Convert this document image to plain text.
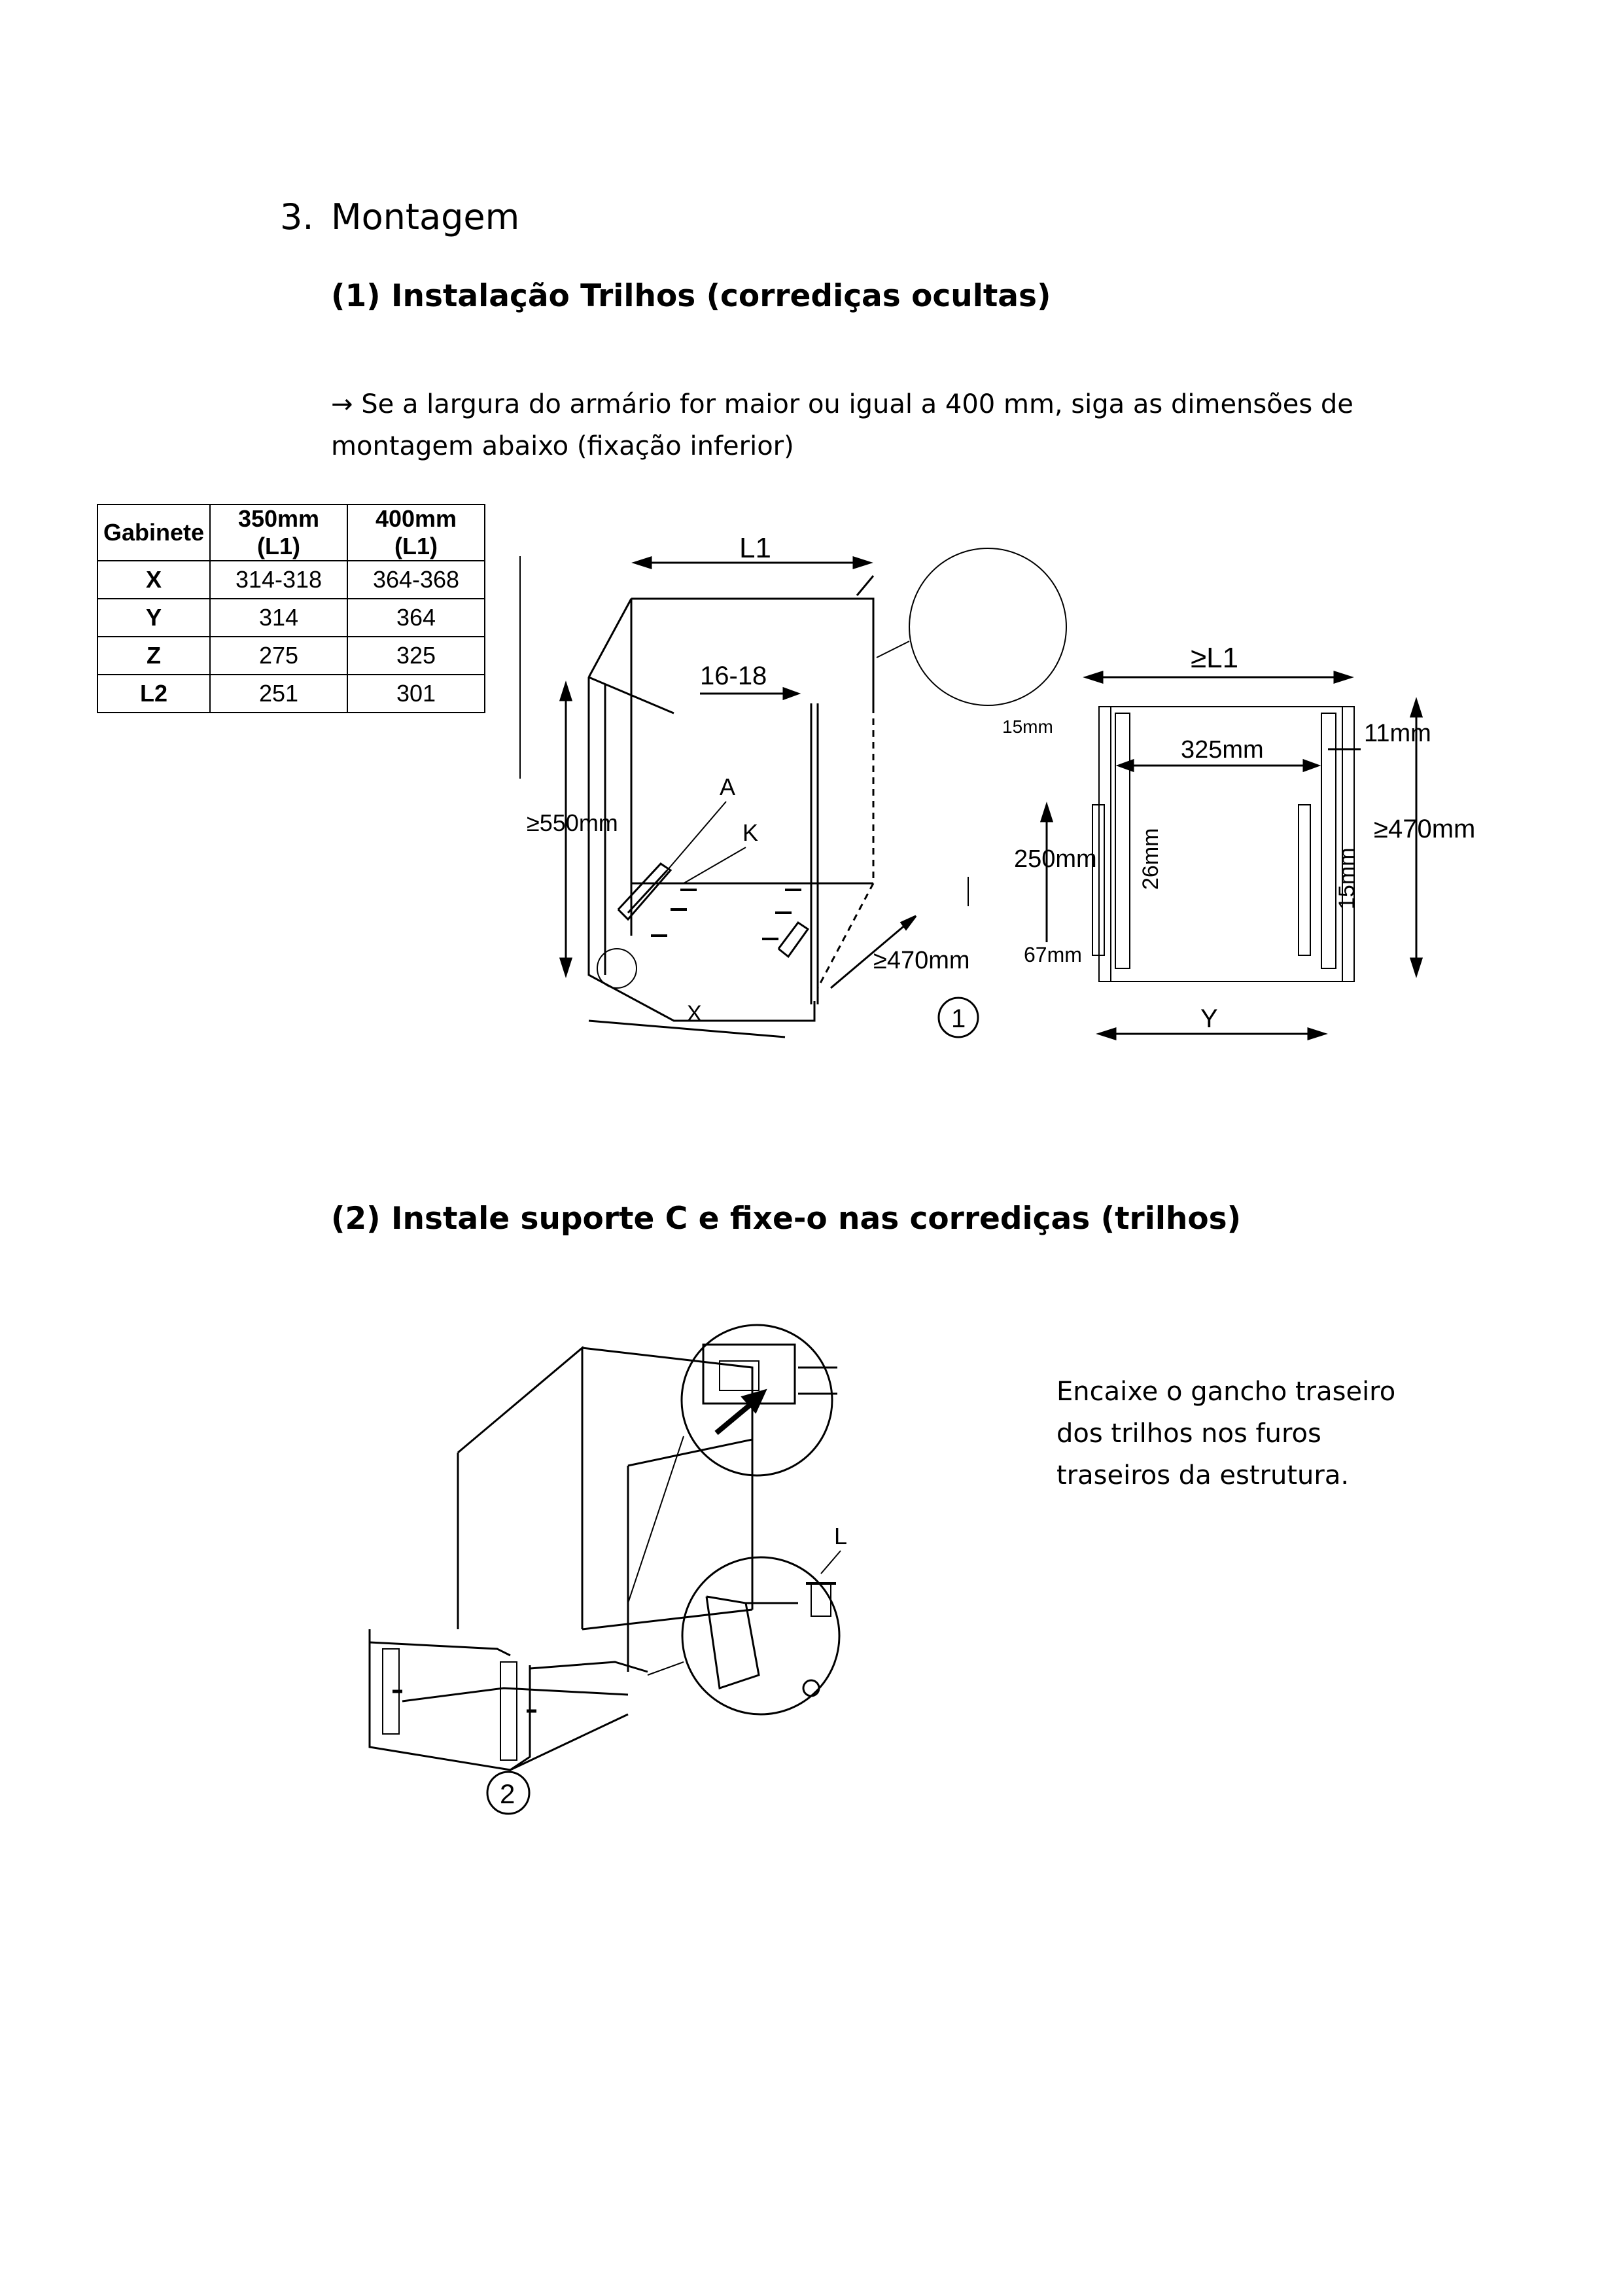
3. Montagem
(1) Instalação Trilhos (corrediças ocultas)
→ Se a largura do armário for maior ou igual a 400 mm, siga as dimensões de
montagem abaixo (fixação inferior)
Gabinete	350mm (L1)	400mm (L1)
X	314-318	364-368
Y	314	364
Z	275	325
L2	251	301
L1
16-18
≥550mm
A
K
X
≥470mm
15mm
1
≥L1
325mm
11mm
≥470mm
250mm 26mm	15mm
67mm
Y
(2) Instale suporte C e fixe-o nas corrediças (trilhos)
L
2
Encaixe o gancho traseiro
dos trilhos nos furos
traseiros da estrutura.
